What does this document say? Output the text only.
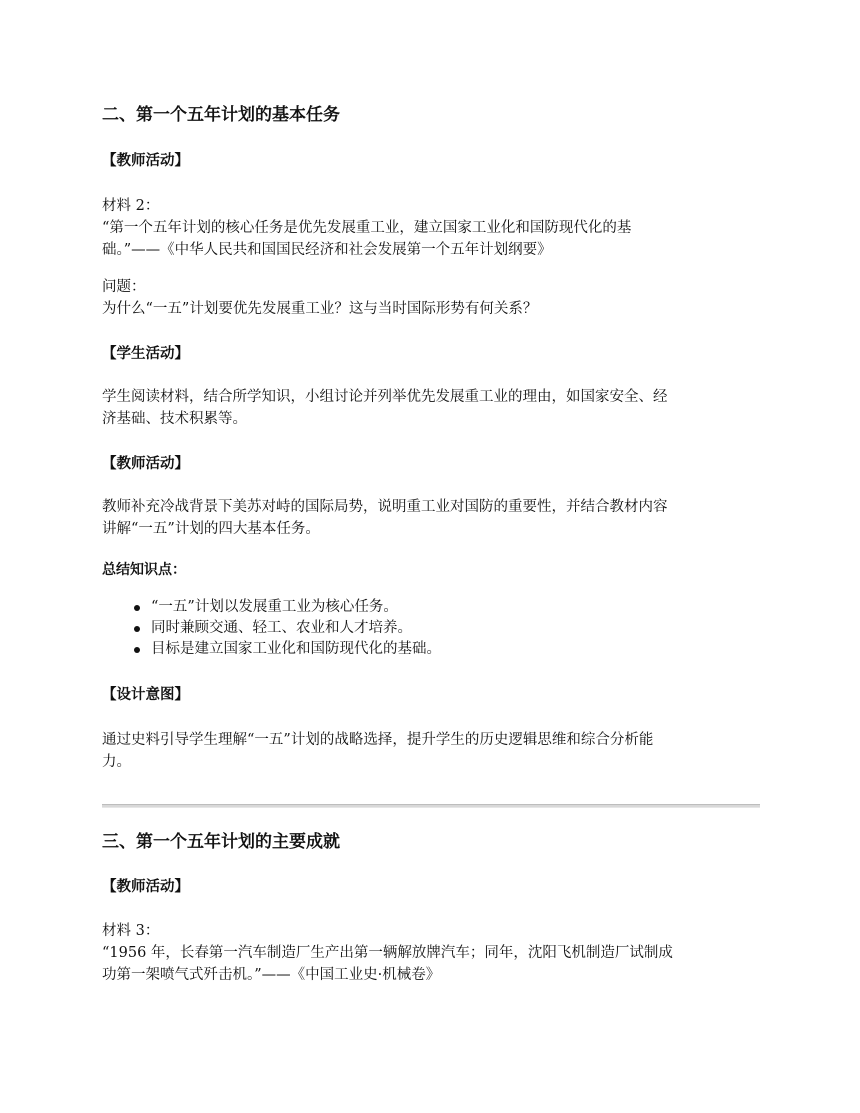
二、第一个五年计划的基本任务
【教师活动】
材料 2：
“第一个五年计划的核心任务是优先发展重工业，建立国家工业化和国防现代化的基
础。”——《中华人民共和国国民经济和社会发展第一个五年计划纲要》
问题：
为什么“一五”计划要优先发展重工业？这与当时国际形势有何关系？
【学生活动】
学生阅读材料，结合所学知识，小组讨论并列举优先发展重工业的理由，如国家安全、经
济基础、技术积累等。
【教师活动】
教师补充冷战背景下美苏对峙的国际局势，说明重工业对国防的重要性，并结合教材内容
讲解“一五”计划的四大基本任务。
总结知识点：
“一五”计划以发展重工业为核心任务。
同时兼顾交通、轻工、农业和人才培养。
目标是建立国家工业化和国防现代化的基础。
【设计意图】
通过史料引导学生理解“一五”计划的战略选择，提升学生的历史逻辑思维和综合分析能
力。
三、第一个五年计划的主要成就
【教师活动】
材料 3：
“1956 年，长春第一汽车制造厂生产出第一辆解放牌汽车；同年，沈阳飞机制造厂试制成
功第一架喷气式歼击机。”——《中国工业史·机械卷》
